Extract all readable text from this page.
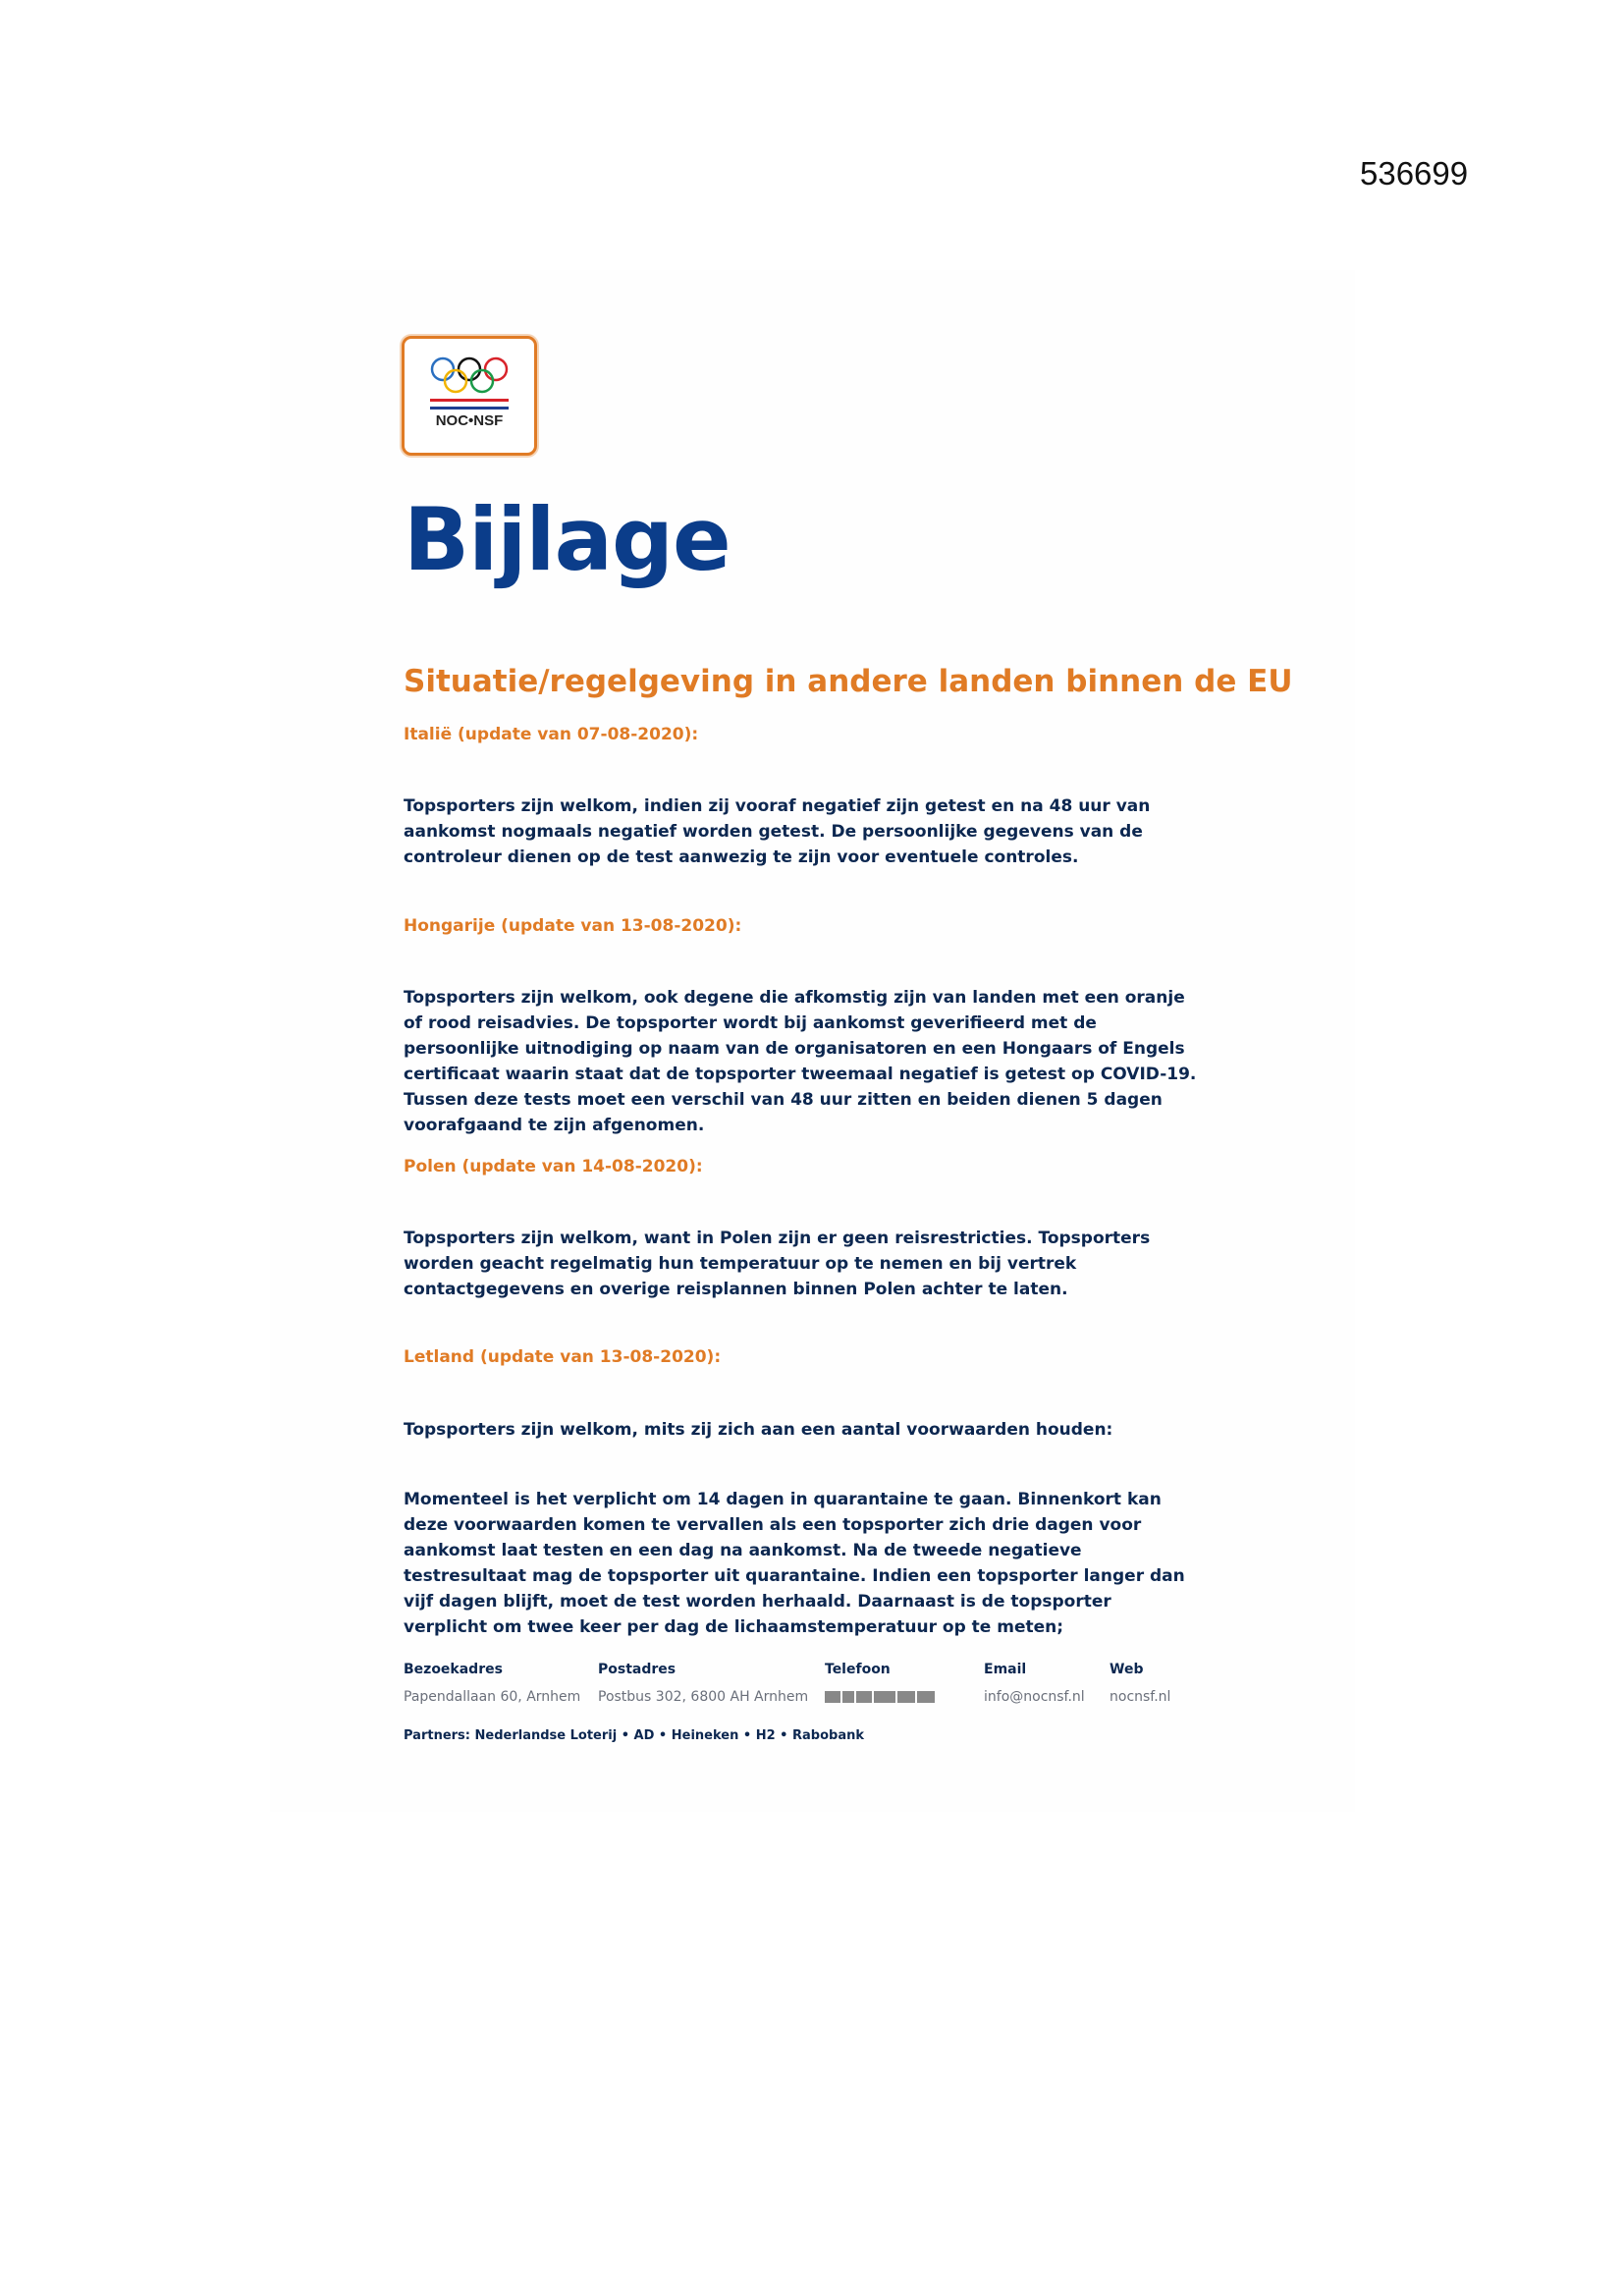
536699
NOC•NSF
Bijlage
Situatie/regelgeving in andere landen binnen de EU

Italië (update van 07-08-2020):

Topsporters zijn welkom, indien zij vooraf negatief zijn getest en na 48 uur van aankomst nogmaals negatief worden getest. De persoonlijke gegevens van de controleur dienen op de test aanwezig te zijn voor eventuele controles.

Hongarije (update van 13-08-2020):

Topsporters zijn welkom, ook degene die afkomstig zijn van landen met een oranje of rood reisadvies. De topsporter wordt bij aankomst geverifieerd met de persoonlijke uitnodiging op naam van de organisatoren en een Hongaars of Engels certificaat waarin staat dat de topsporter tweemaal negatief is getest op COVID-19. Tussen deze tests moet een verschil van 48 uur zitten en beiden dienen 5 dagen voorafgaand te zijn afgenomen.

Polen (update van 14-08-2020):

Topsporters zijn welkom, want in Polen zijn er geen reisrestricties. Topsporters worden geacht regelmatig hun temperatuur op te nemen en bij vertrek contactgegevens en overige reisplannen binnen Polen achter te laten.

Letland (update van 13-08-2020):

Topsporters zijn welkom, mits zij zich aan een aantal voorwaarden houden:

Momenteel is het verplicht om 14 dagen in quarantaine te gaan. Binnenkort kan deze voorwaarden komen te vervallen als een topsporter zich drie dagen voor aankomst laat testen en een dag na aankomst. Na de tweede negatieve testresultaat mag de topsporter uit quarantaine. Indien een topsporter langer dan vijf dagen blijft, moet de test worden herhaald. Daarnaast is de topsporter verplicht om twee keer per dag de lichaamstemperatuur op te meten;

Bezoekadres

Papendallaan 60, Arnhem

Postadres

Postbus 302, 6800 AH Arnhem

Telefoon	Email

info@nocnsf.nl

Web

nocnsf.nl

Partners: Nederlandse Loterij • AD • Heineken • H2 • Rabobank
